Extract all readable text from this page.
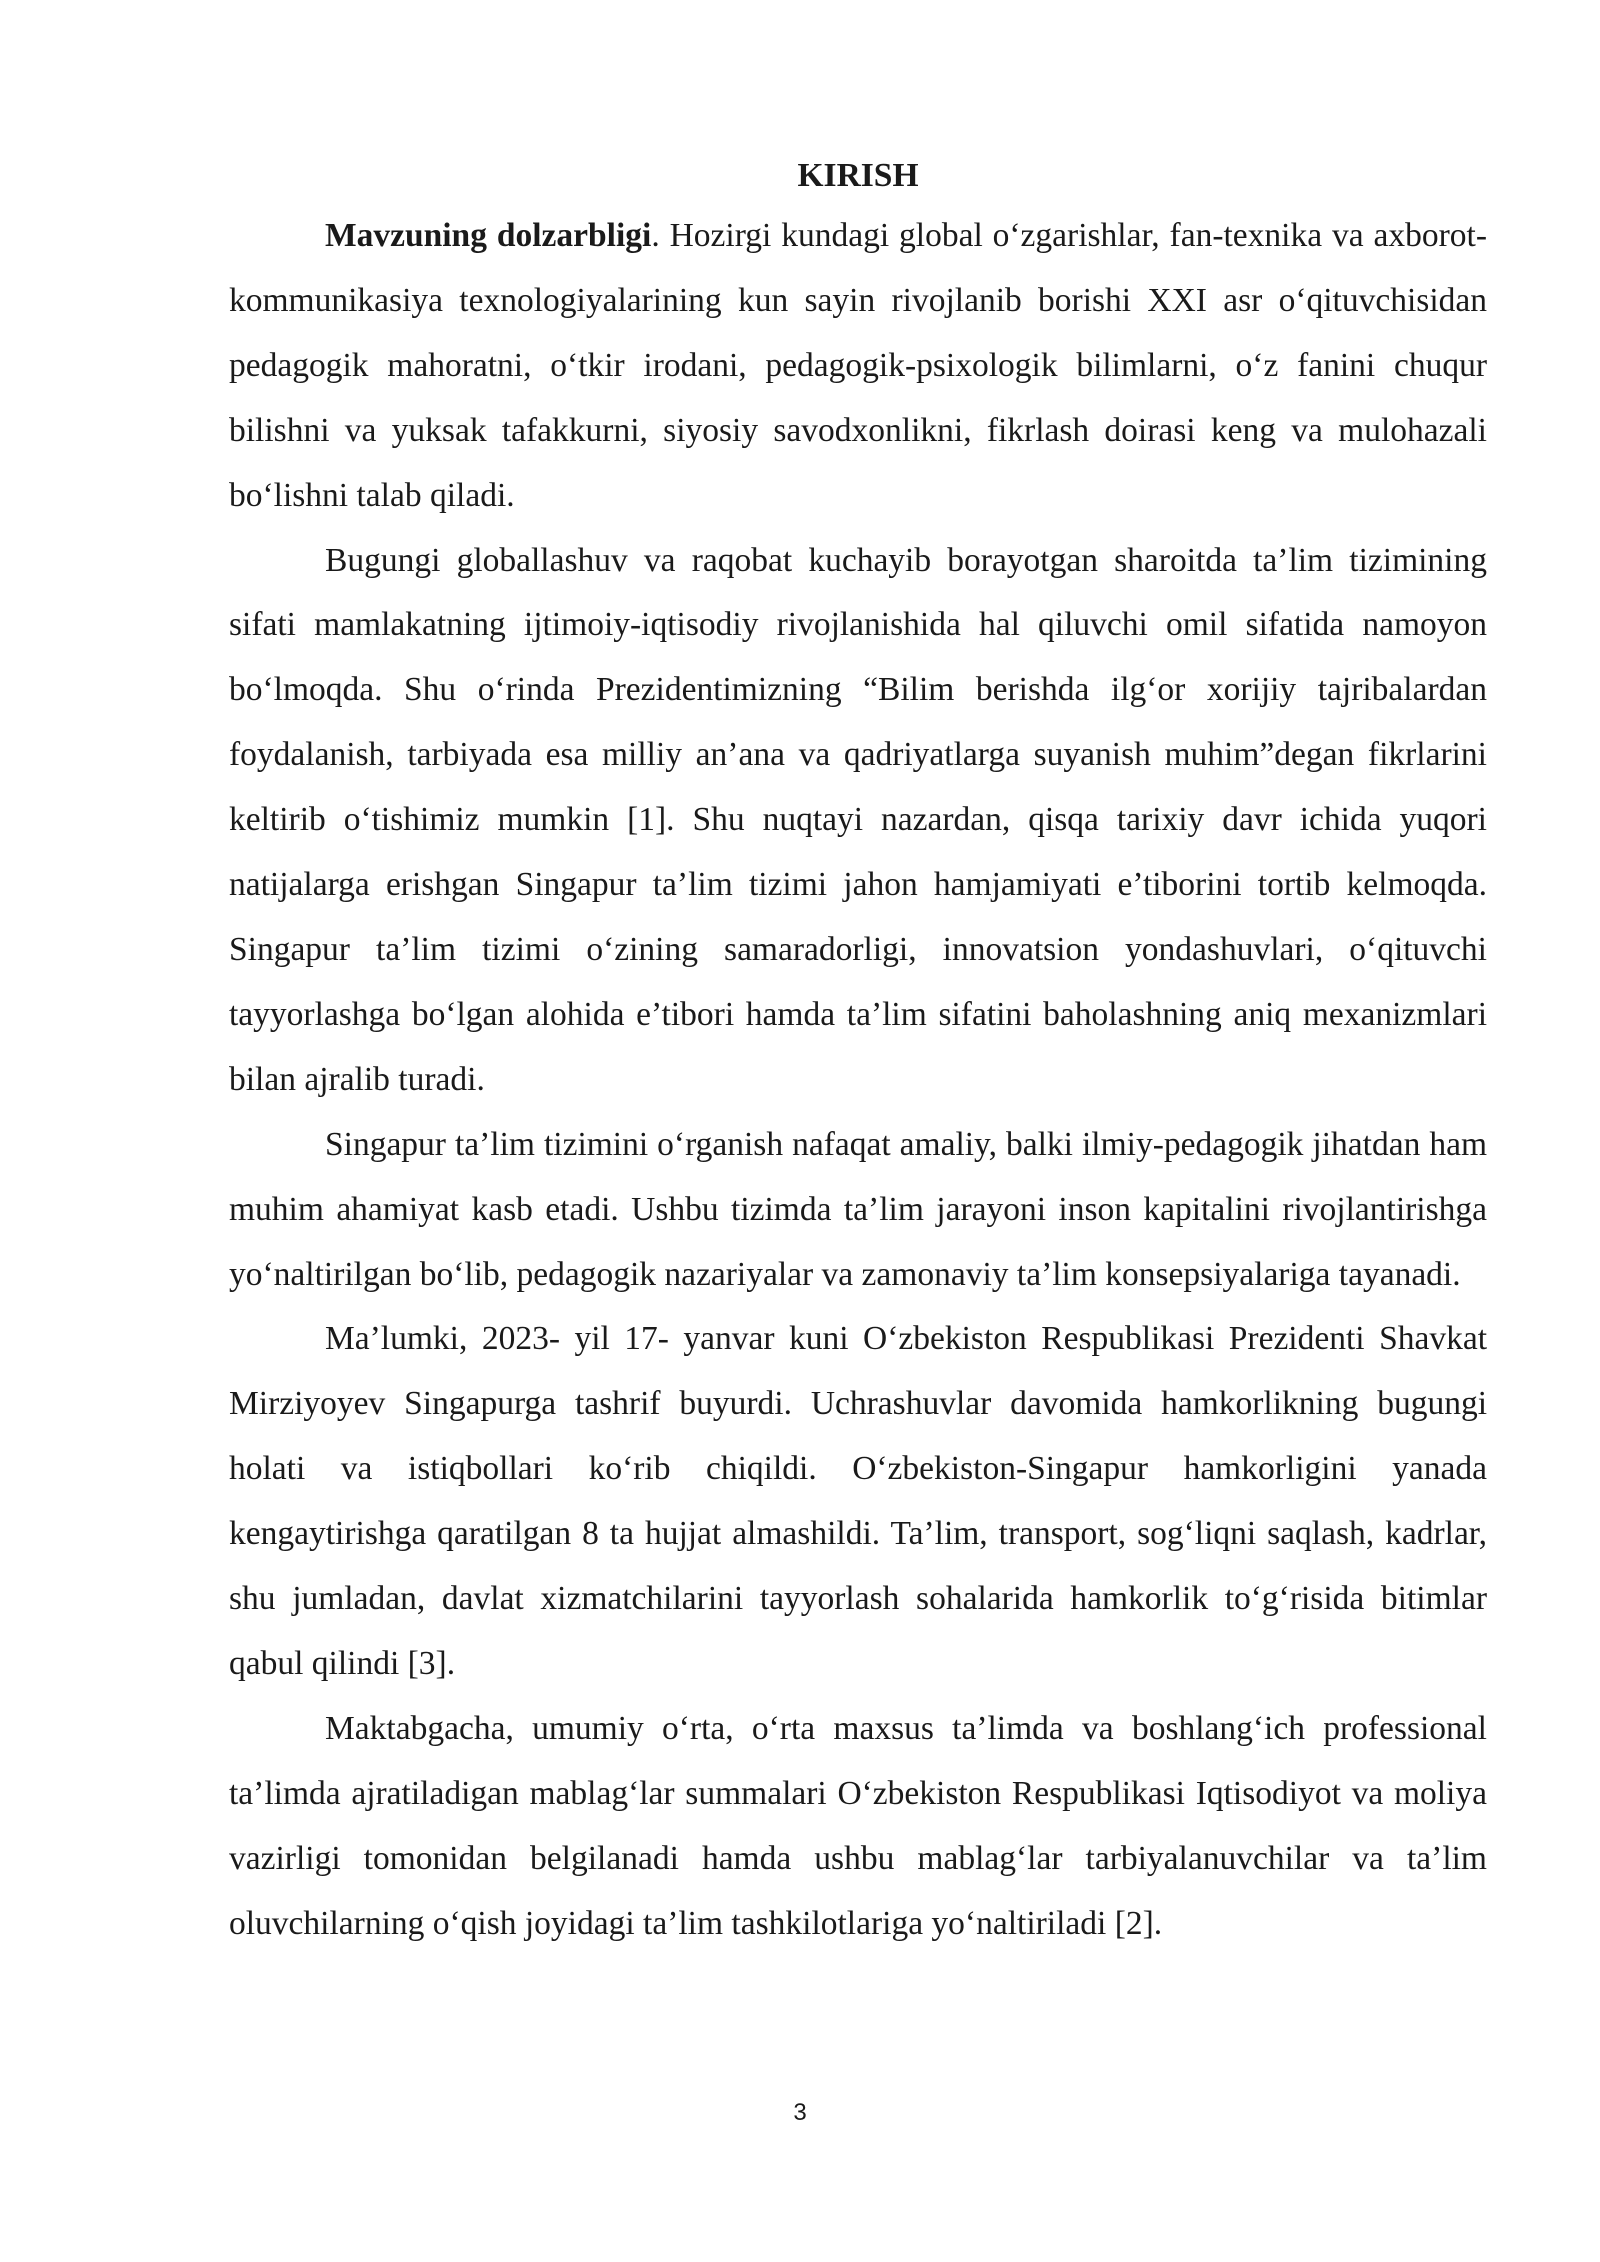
KIRISH

Mavzuning dolzarbligi. Hozirgi kundagi global o‘zgarishlar, fan-texnika va axborot-kommunikasiya texnologiyalarining kun sayin rivojlanib borishi XXI asr o‘qituvchisidan pedagogik mahoratni, o‘tkir irodani, pedagogik-psixologik bilimlarni, o‘z fanini chuqur bilishni va yuksak tafakkurni, siyosiy savodxonlikni, fikrlash doirasi keng va mulohazali bo‘lishni talab qiladi.

Bugungi globallashuv va raqobat kuchayib borayotgan sharoitda ta’lim tizimining sifati mamlakatning ijtimoiy-iqtisodiy rivojlanishida hal qiluvchi omil sifatida namoyon bo‘lmoqda. Shu o‘rinda Prezidentimizning “Bilim berishda ilg‘or xorijiy tajribalardan foydalanish, tarbiyada esa milliy an’ana va qadriyatlarga suyanish muhim”degan fikrlarini keltirib o‘tishimiz mumkin [1]. Shu nuqtayi nazardan, qisqa tarixiy davr ichida yuqori natijalarga erishgan Singapur ta’lim tizimi jahon hamjamiyati e’tiborini tortib kelmoqda. Singapur ta’lim tizimi o‘zining samaradorligi, innovatsion yondashuvlari, o‘qituvchi tayyorlashga bo‘lgan alohida e’tibori hamda ta’lim sifatini baholashning aniq mexanizmlari bilan ajralib turadi.

Singapur ta’lim tizimini o‘rganish nafaqat amaliy, balki ilmiy-pedagogik jihatdan ham muhim ahamiyat kasb etadi. Ushbu tizimda ta’lim jarayoni inson kapitalini rivojlantirishga yo‘naltirilgan bo‘lib, pedagogik nazariyalar va zamonaviy ta’lim konsepsiyalariga tayanadi.

Ma’lumki, 2023- yil 17- yanvar kuni O‘zbekiston Respublikasi Prezidenti Shavkat Mirziyoyev Singapurga tashrif buyurdi. Uchrashuvlar davomida hamkorlikning bugungi holati va istiqbollari ko‘rib chiqildi. O‘zbekiston-Singapur hamkorligini yanada kengaytirishga qaratilgan 8 ta hujjat almashildi. Ta’lim, transport, sog‘liqni saqlash, kadrlar, shu jumladan, davlat xizmatchilarini tayyorlash sohalarida hamkorlik to‘g‘risida bitimlar qabul qilindi [3].

Maktabgacha, umumiy o‘rta, o‘rta maxsus ta’limda va boshlang‘ich professional ta’limda ajratiladigan mablag‘lar summalari O‘zbekiston Respublikasi Iqtisodiyot va moliya vazirligi tomonidan belgilanadi hamda ushbu mablag‘lar tarbiyalanuvchilar va ta’lim oluvchilarning o‘qish joyidagi ta’lim tashkilotlariga yo‘naltiriladi [2].

3
